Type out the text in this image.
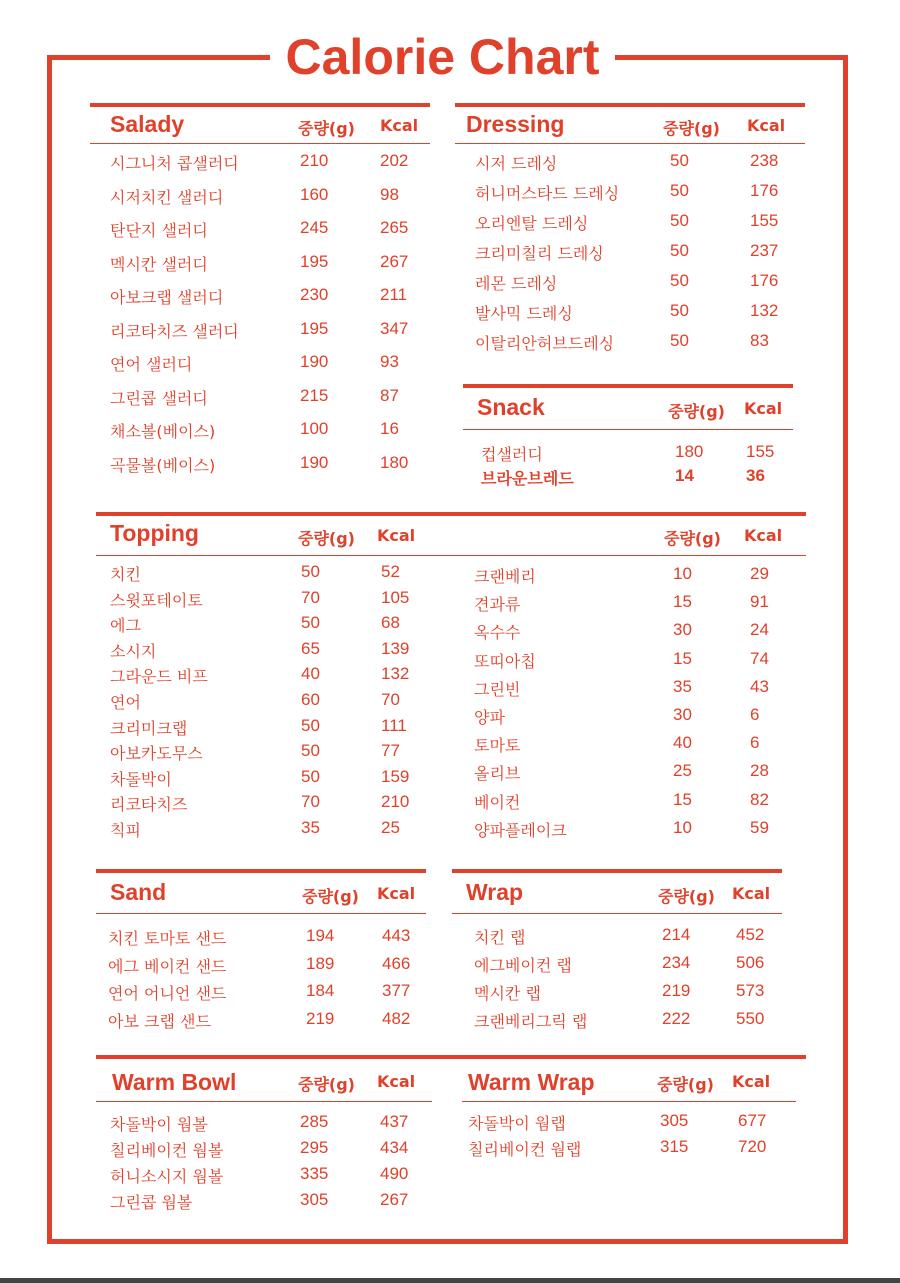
Calorie Chart
Salady	중량(g) Kcal
시그니처 콥샐러디	210	202
시저치킨 샐러디	160	98
탄단지 샐러디	245	265
멕시칸 샐러디	195	267
아보크랩 샐러디	230	211
리코타치즈 샐러디	195	347
연어 샐러디	190	93
그린콥 샐러디	215	87
채소볼(베이스)	100	16
곡물볼(베이스)	190	180
Dressing	중량(g) Kcal
시저 드레싱	50	238
허니머스타드 드레싱	50	176
오리엔탈 드레싱	50	155
크리미칠리 드레싱	50	237
레몬 드레싱	50	176
발사믹 드레싱	50	132
이탈리안허브드레싱	50	83
Snack	중량(g) Kcal
컵샐러디	180	155
브라운브레드	14	36
Topping	중량(g) Kcal	중량(g) Kcal
치킨	50	52
스윗포테이토	70	105
에그	50	68
소시지	65	139
그라운드 비프	40	132
연어	60	70
크리미크랩	50	111
아보카도무스	50	77
차돌박이	50	159
리코타치즈	70	210
칙피	35	25
크랜베리	10	29
견과류	15	91
옥수수	30	24
또띠아칩	15	74
그린빈	35	43
양파	30	6
토마토	40	6
올리브	25	28
베이컨	15	82
양파플레이크	10	59
Sand	중량(g) Kcal
치킨 토마토 샌드	194	443
에그 베이컨 샌드	189	466
연어 어니언 샌드	184	377
아보 크랩 샌드	219	482
Wrap	중량(g) Kcal
치킨 랩	214	452
에그베이컨 랩	234	506
멕시칸 랩	219	573
크랜베리그릭 랩	222	550
Warm Bowl	중량(g) Kcal Warm Wrap	중량(g) Kcal
차돌박이 웜볼	285	437
칠리베이컨 웜볼	295	434
허니소시지 웜볼	335	490
그린콥 웜볼	305	267
차돌박이 웜랩	305	677
칠리베이컨 웜랩	315	720
